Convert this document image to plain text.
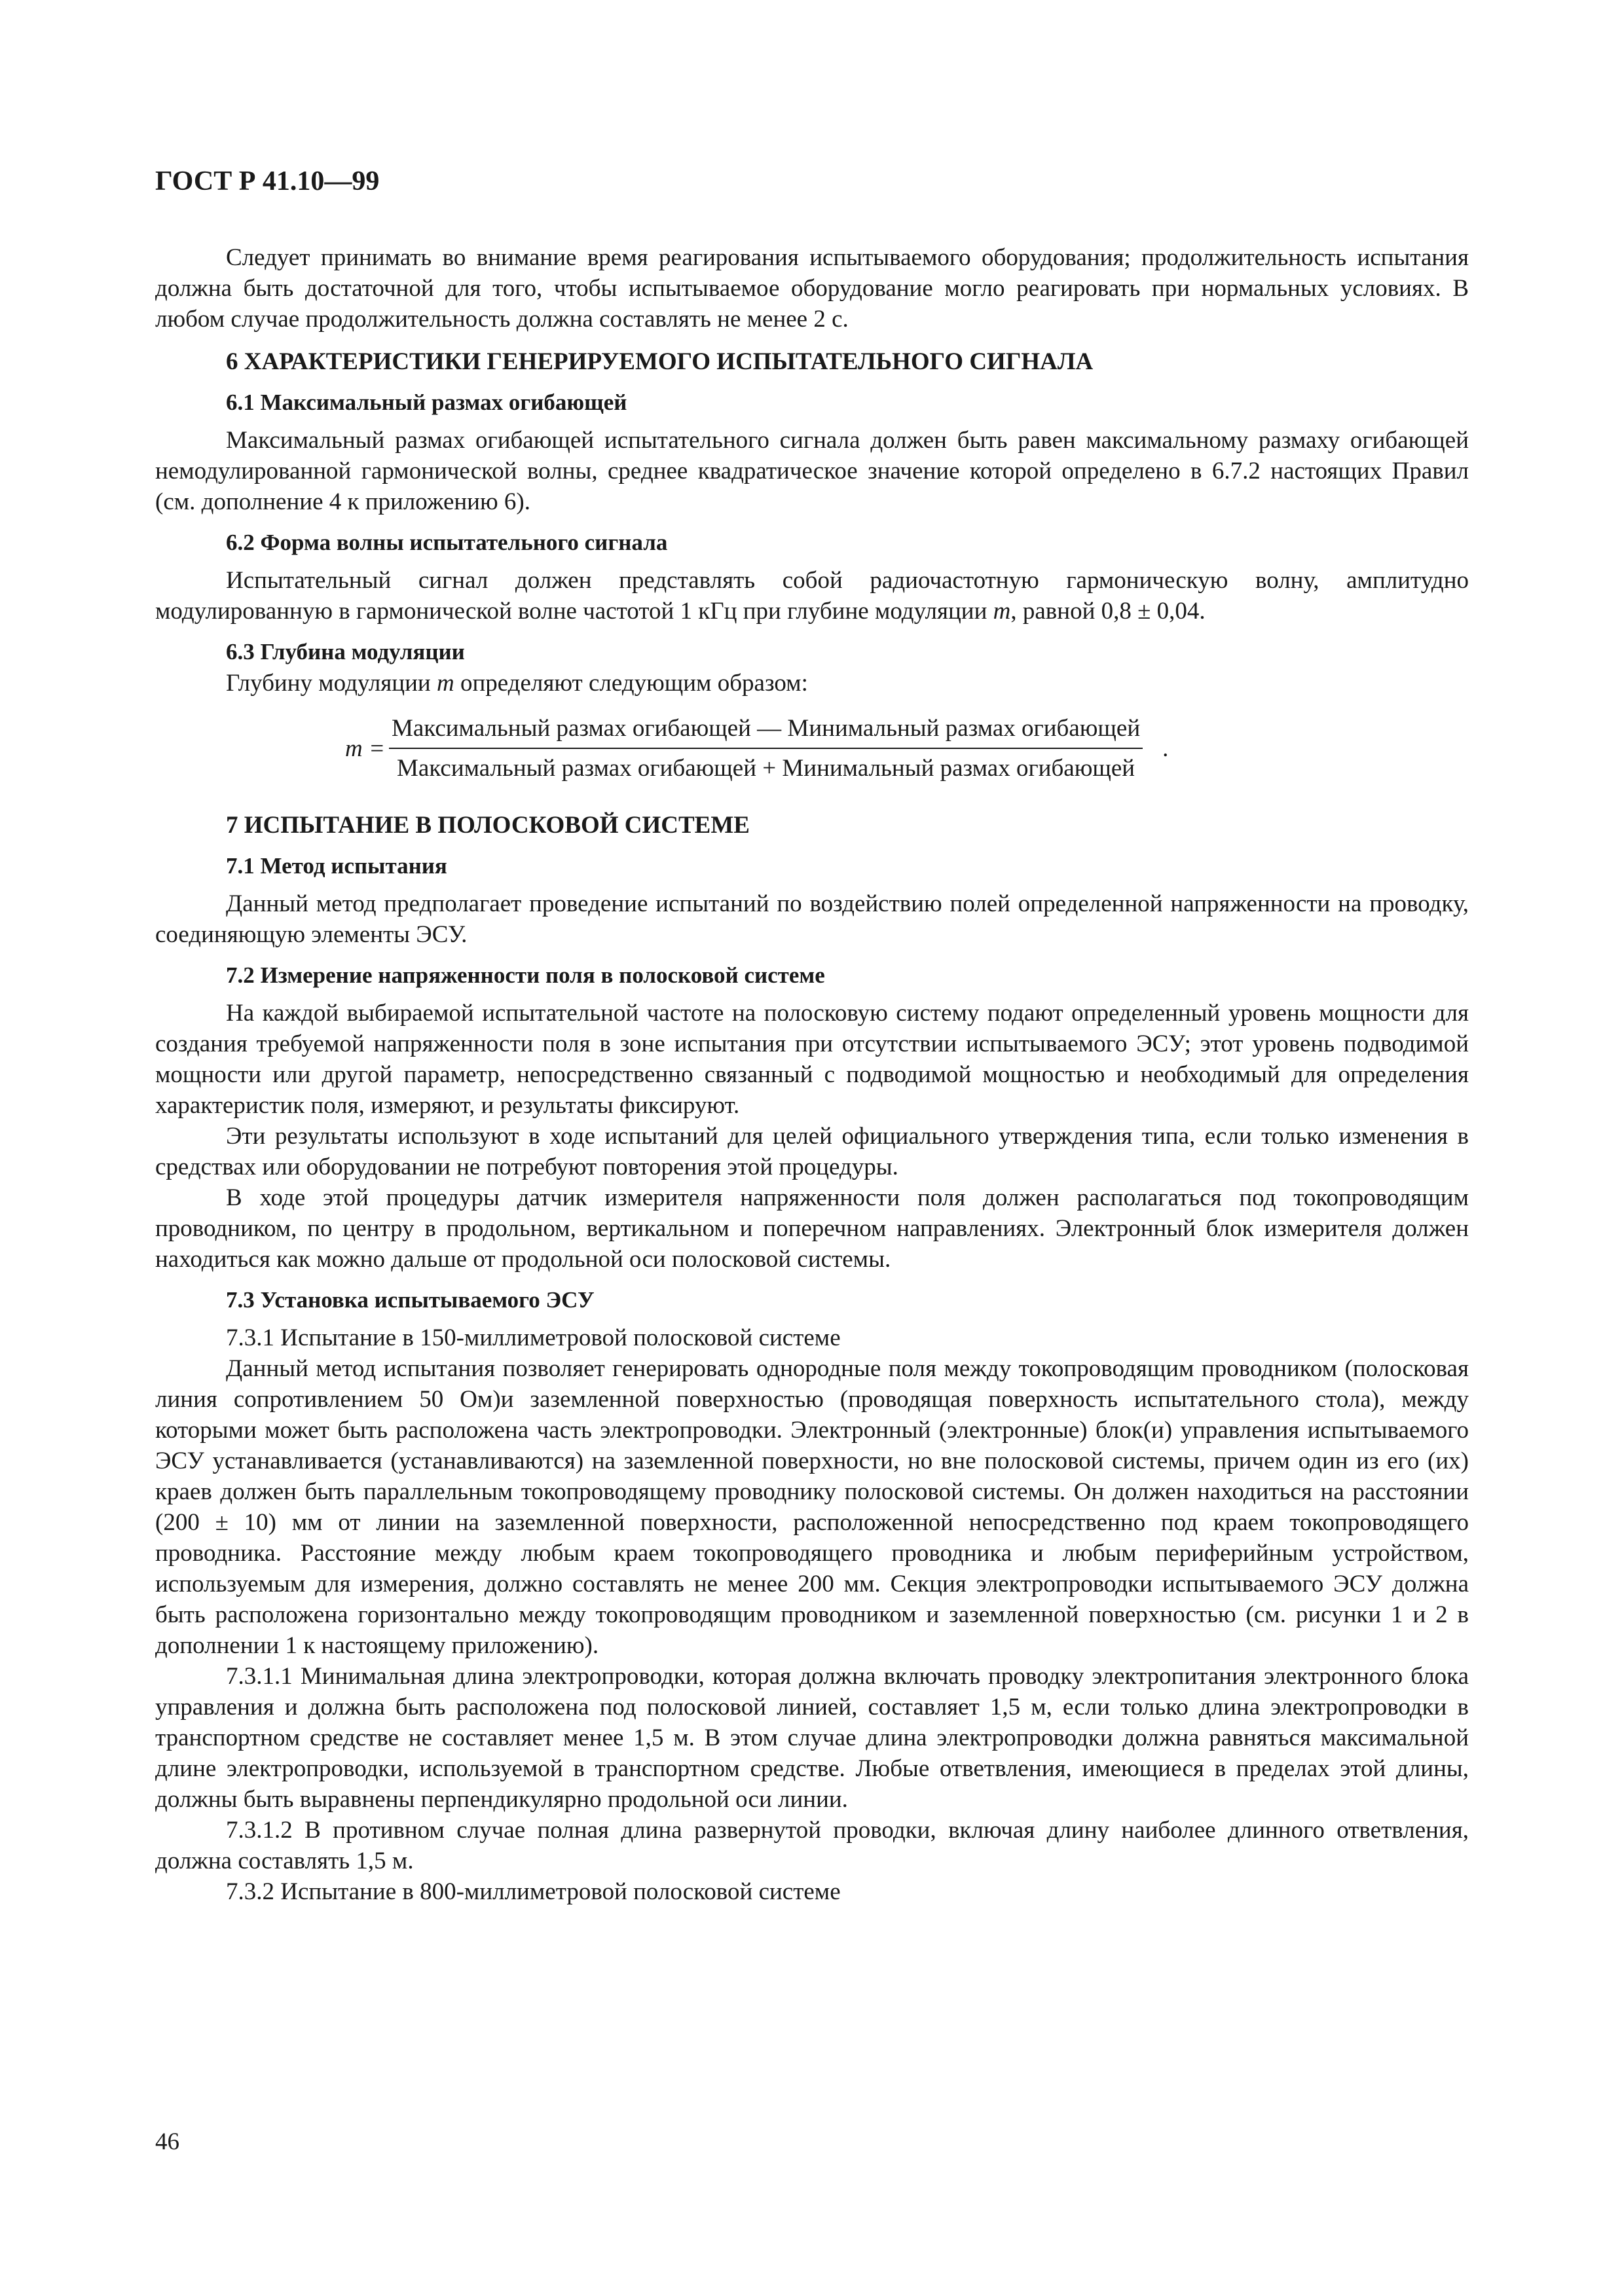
ГОСТ Р 41.10—99

Следует принимать во внимание время реагирования испытываемого оборудования; продолжительность испытания должна быть достаточной для того, чтобы испытываемое оборудование могло реагировать при нормальных условиях. В любом случае продолжительность должна составлять не менее 2 с.

6 ХАРАКТЕРИСТИКИ ГЕНЕРИРУЕМОГО ИСПЫТАТЕЛЬНОГО СИГНАЛА
6.1 Максимальный размах огибающей

Максимальный размах огибающей испытательного сигнала должен быть равен максимальному размаху огибающей немодулированной гармонической волны, среднее квадратическое значение которой определено в 6.7.2 настоящих Правил (см. дополнение 4 к приложению 6).

6.2 Форма волны испытательного сигнала

Испытательный сигнал должен представлять собой радиочастотную гармоническую волну, амплитудно модулированную в гармонической волне частотой 1 кГц при глубине модуляции m, равной 0,8 ± 0,04.

6.3 Глубина модуляции

Глубину модуляции m определяют следующим образом:

$m = \frac{\text{Максимальный размах огибающей — Минимальный размах огибающей}}{\text{Максимальный размах огибающей + Минимальный размах огибающей}}$ .
7 ИСПЫТАНИЕ В ПОЛОСКОВОЙ СИСТЕМЕ
7.1 Метод испытания

Данный метод предполагает проведение испытаний по воздействию полей определенной напряженности на проводку, соединяющую элементы ЭСУ.

7.2 Измерение напряженности поля в полосковой системе

На каждой выбираемой испытательной частоте на полосковую систему подают определенный уровень мощности для создания требуемой напряженности поля в зоне испытания при отсутствии испытываемого ЭСУ; этот уровень подводимой мощности или другой параметр, непосредственно связанный с подводимой мощностью и необходимый для определения характеристик поля, измеряют, и результаты фиксируют.

Эти результаты используют в ходе испытаний для целей официального утверждения типа, если только изменения в средствах или оборудовании не потребуют повторения этой процедуры.

В ходе этой процедуры датчик измерителя напряженности поля должен располагаться под токопроводящим проводником, по центру в продольном, вертикальном и поперечном направлениях. Электронный блок измерителя должен находиться как можно дальше от продольной оси полосковой системы.

7.3 Установка испытываемого ЭСУ

7.3.1 Испытание в 150-миллиметровой полосковой системе

Данный метод испытания позволяет генерировать однородные поля между токопроводящим проводником (полосковая линия сопротивлением 50 Ом)и заземленной поверхностью (проводящая поверхность испытательного стола), между которыми может быть расположена часть электропроводки. Электронный (электронные) блок(и) управления испытываемого ЭСУ устанавливается (устанавливаются) на заземленной поверхности, но вне полосковой системы, причем один из его (их) краев должен быть параллельным токопроводящему проводнику полосковой системы. Он должен находиться на расстоянии (200 ± 10) мм от линии на заземленной поверхности, расположенной непосредственно под краем токопроводящего проводника. Расстояние между любым краем токопроводящего проводника и любым периферийным устройством, используемым для измерения, должно составлять не менее 200 мм. Секция электропроводки испытываемого ЭСУ должна быть расположена горизонтально между токопроводящим проводником и заземленной поверхностью (см. рисунки 1 и 2 в дополнении 1 к настоящему приложению).

7.3.1.1 Минимальная длина электропроводки, которая должна включать проводку электропитания электронного блока управления и должна быть расположена под полосковой линией, составляет 1,5 м, если только длина электропроводки в транспортном средстве не составляет менее 1,5 м. В этом случае длина электропроводки должна равняться максимальной длине электропроводки, используемой в транспортном средстве. Любые ответвления, имеющиеся в пределах этой длины, должны быть выравнены перпендикулярно продольной оси линии.

7.3.1.2 В противном случае полная длина развернутой проводки, включая длину наиболее длинного ответвления, должна составлять 1,5 м.

7.3.2 Испытание в 800-миллиметровой полосковой системе

46
